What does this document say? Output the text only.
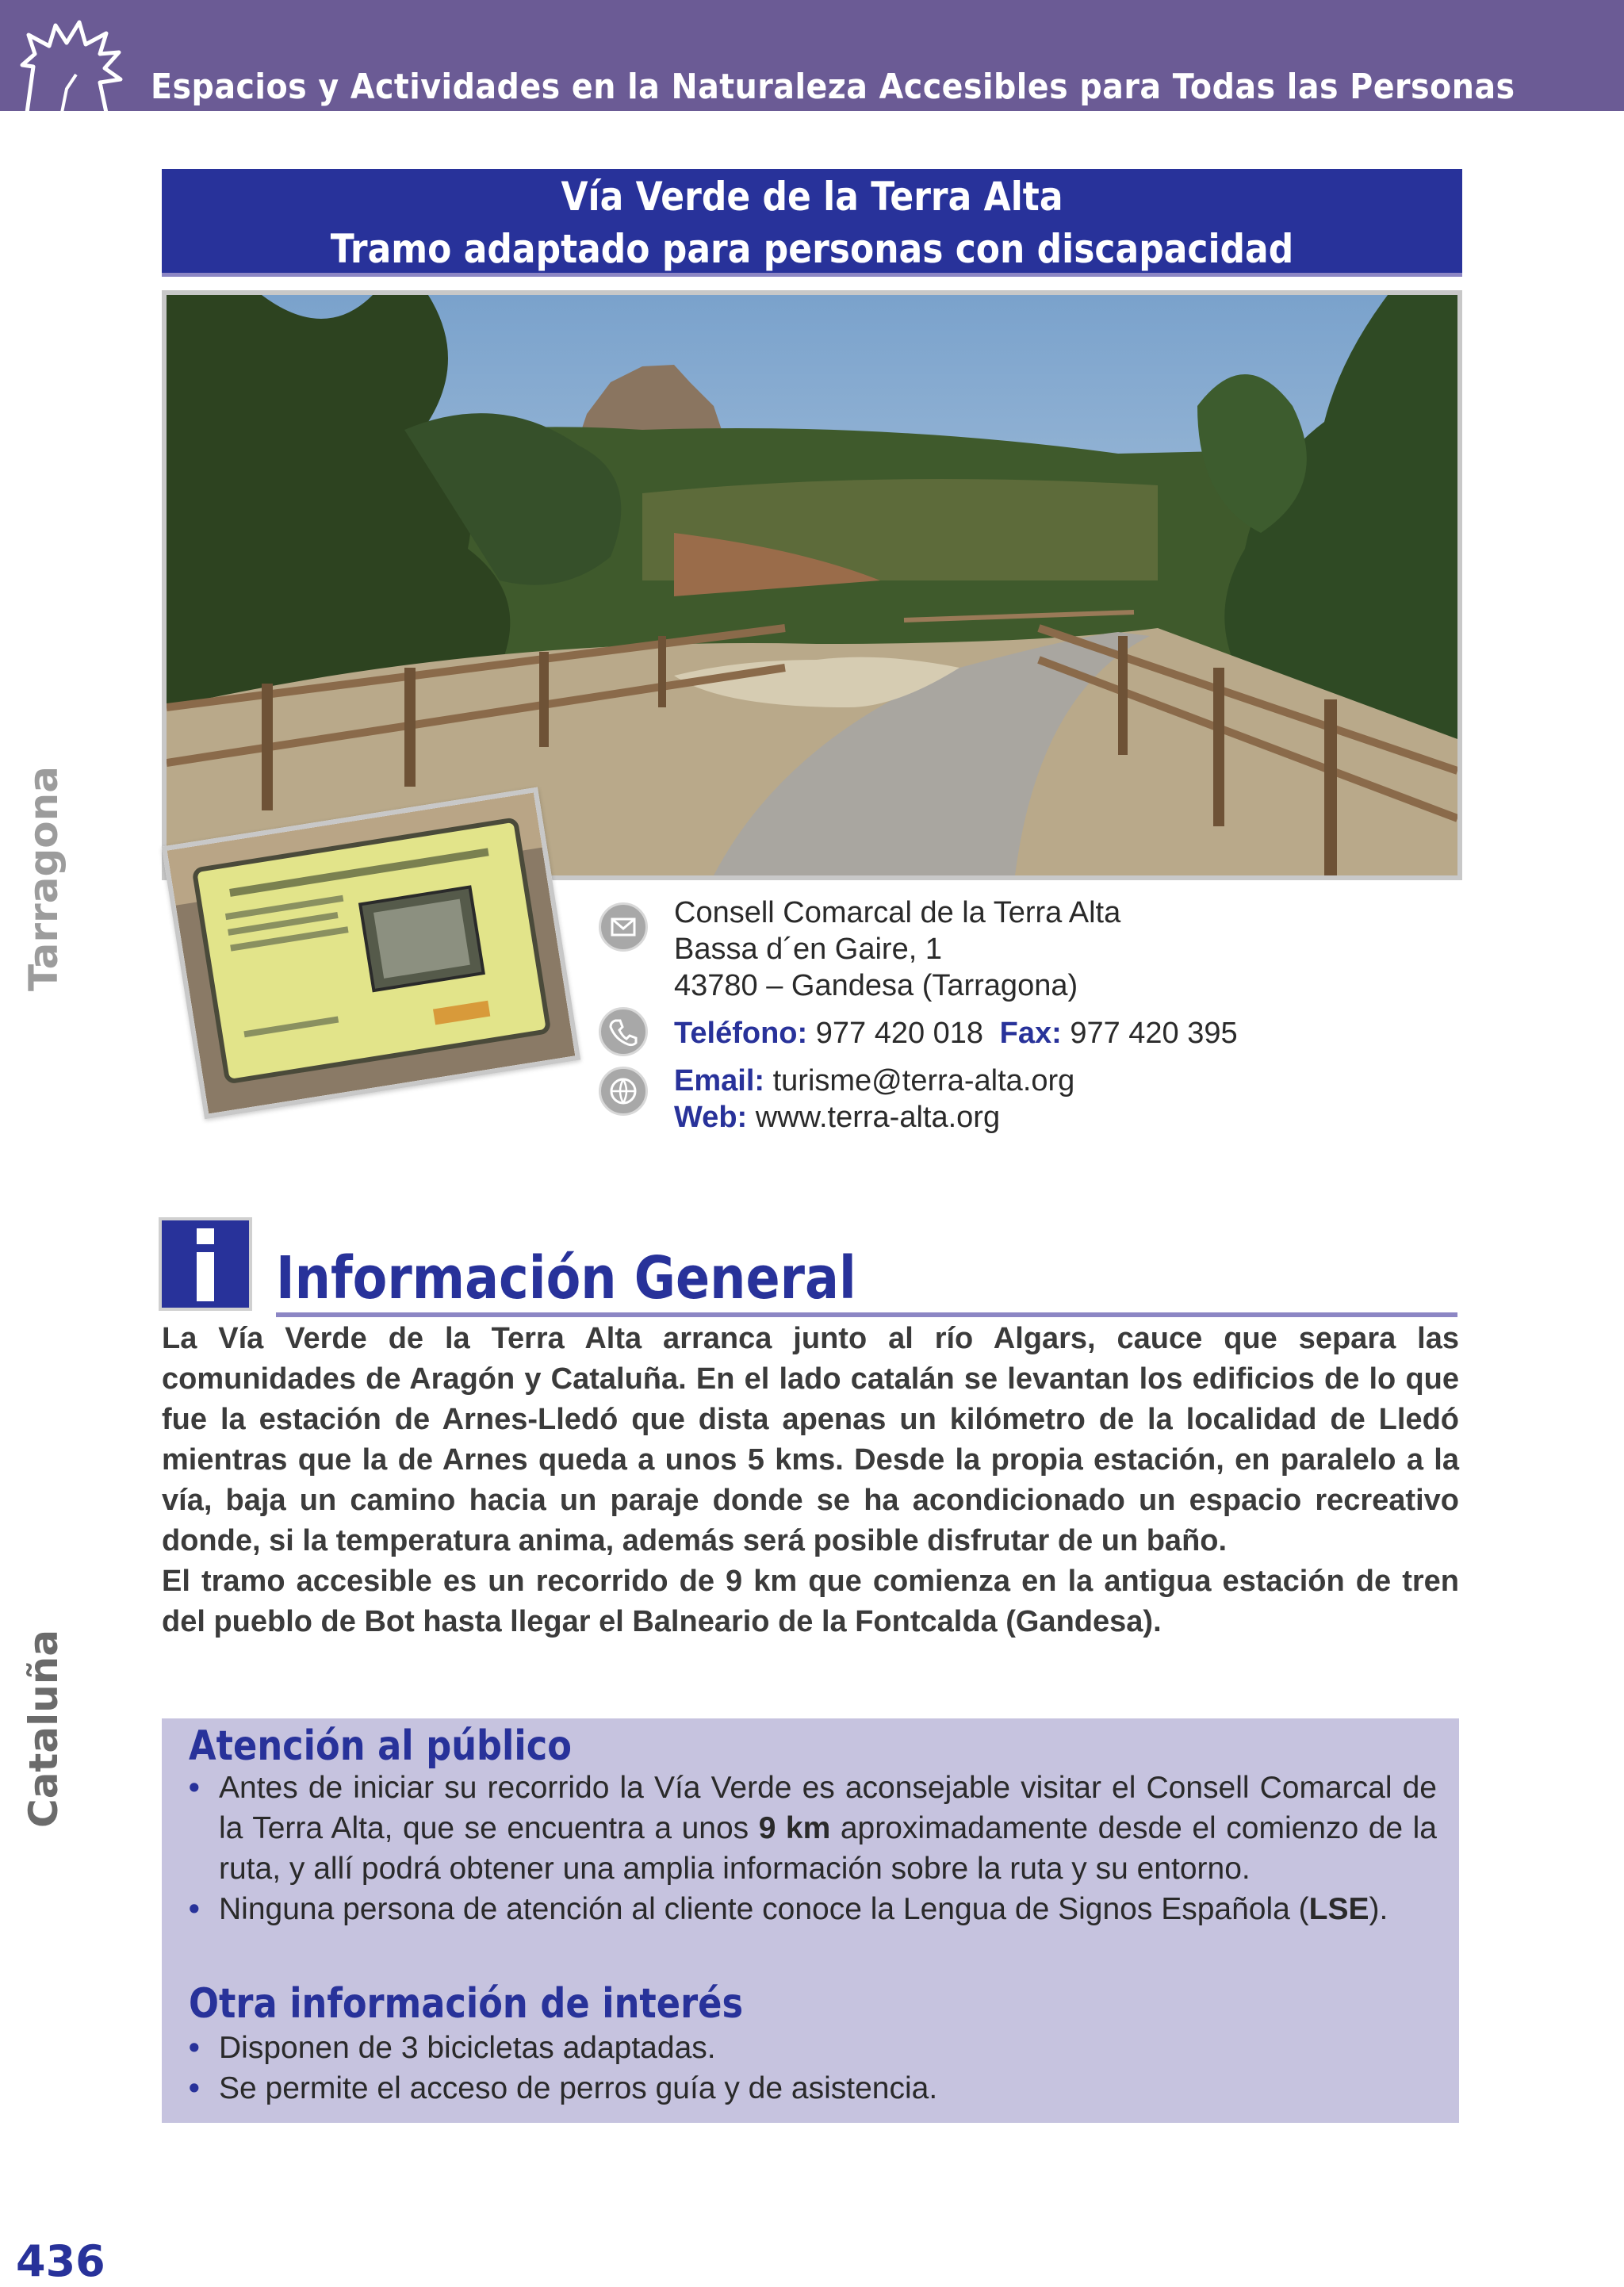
Espacios y Actividades en la Naturaleza Accesibles para Todas las Personas
Vía Verde de la Terra Alta
Tramo adaptado para personas con discapacidad
Consell Comarcal de la Terra Alta
Bassa d´en Gaire, 1
43780 – Gandesa (Tarragona)
Teléfono: 977 420 018 Fax: 977 420 395
Email: turisme@terra-alta.org
Web: www.terra-alta.org
Tarragona
Cataluña
Información General

La Vía Verde de la Terra Alta arranca junto al río Algars, cauce que separa las comunidades de Aragón y Cataluña. En el lado catalán se levantan los edificios de lo que fue la estación de Arnes-Lledó que dista apenas un kilómetro de la localidad de Lledó mientras que la de Arnes queda a unos 5 kms. Desde la propia estación, en paralelo a la vía, baja un camino hacia un paraje donde se ha acondicionado un espacio recreativo donde, si la temperatura anima, además será posible disfrutar de un baño.

El tramo accesible es un recorrido de 9 km que comienza en la antigua estación de tren del pueblo de Bot hasta llegar el Balneario de la Fontcalda (Gandesa).

Atención al público
• Antes de iniciar su recorrido la Vía Verde es aconsejable visitar el Consell Comarcal de la Terra Alta, que se encuentra a unos 9 km aproximadamente desde el comienzo de la ruta, y allí podrá obtener una amplia información sobre la ruta y su entorno.
• Ninguna persona de atención al cliente conoce la Lengua de Signos Española (LSE).
Otra información de interés
• Disponen de 3 bicicletas adaptadas.
• Se permite el acceso de perros guía y de asistencia.
436
